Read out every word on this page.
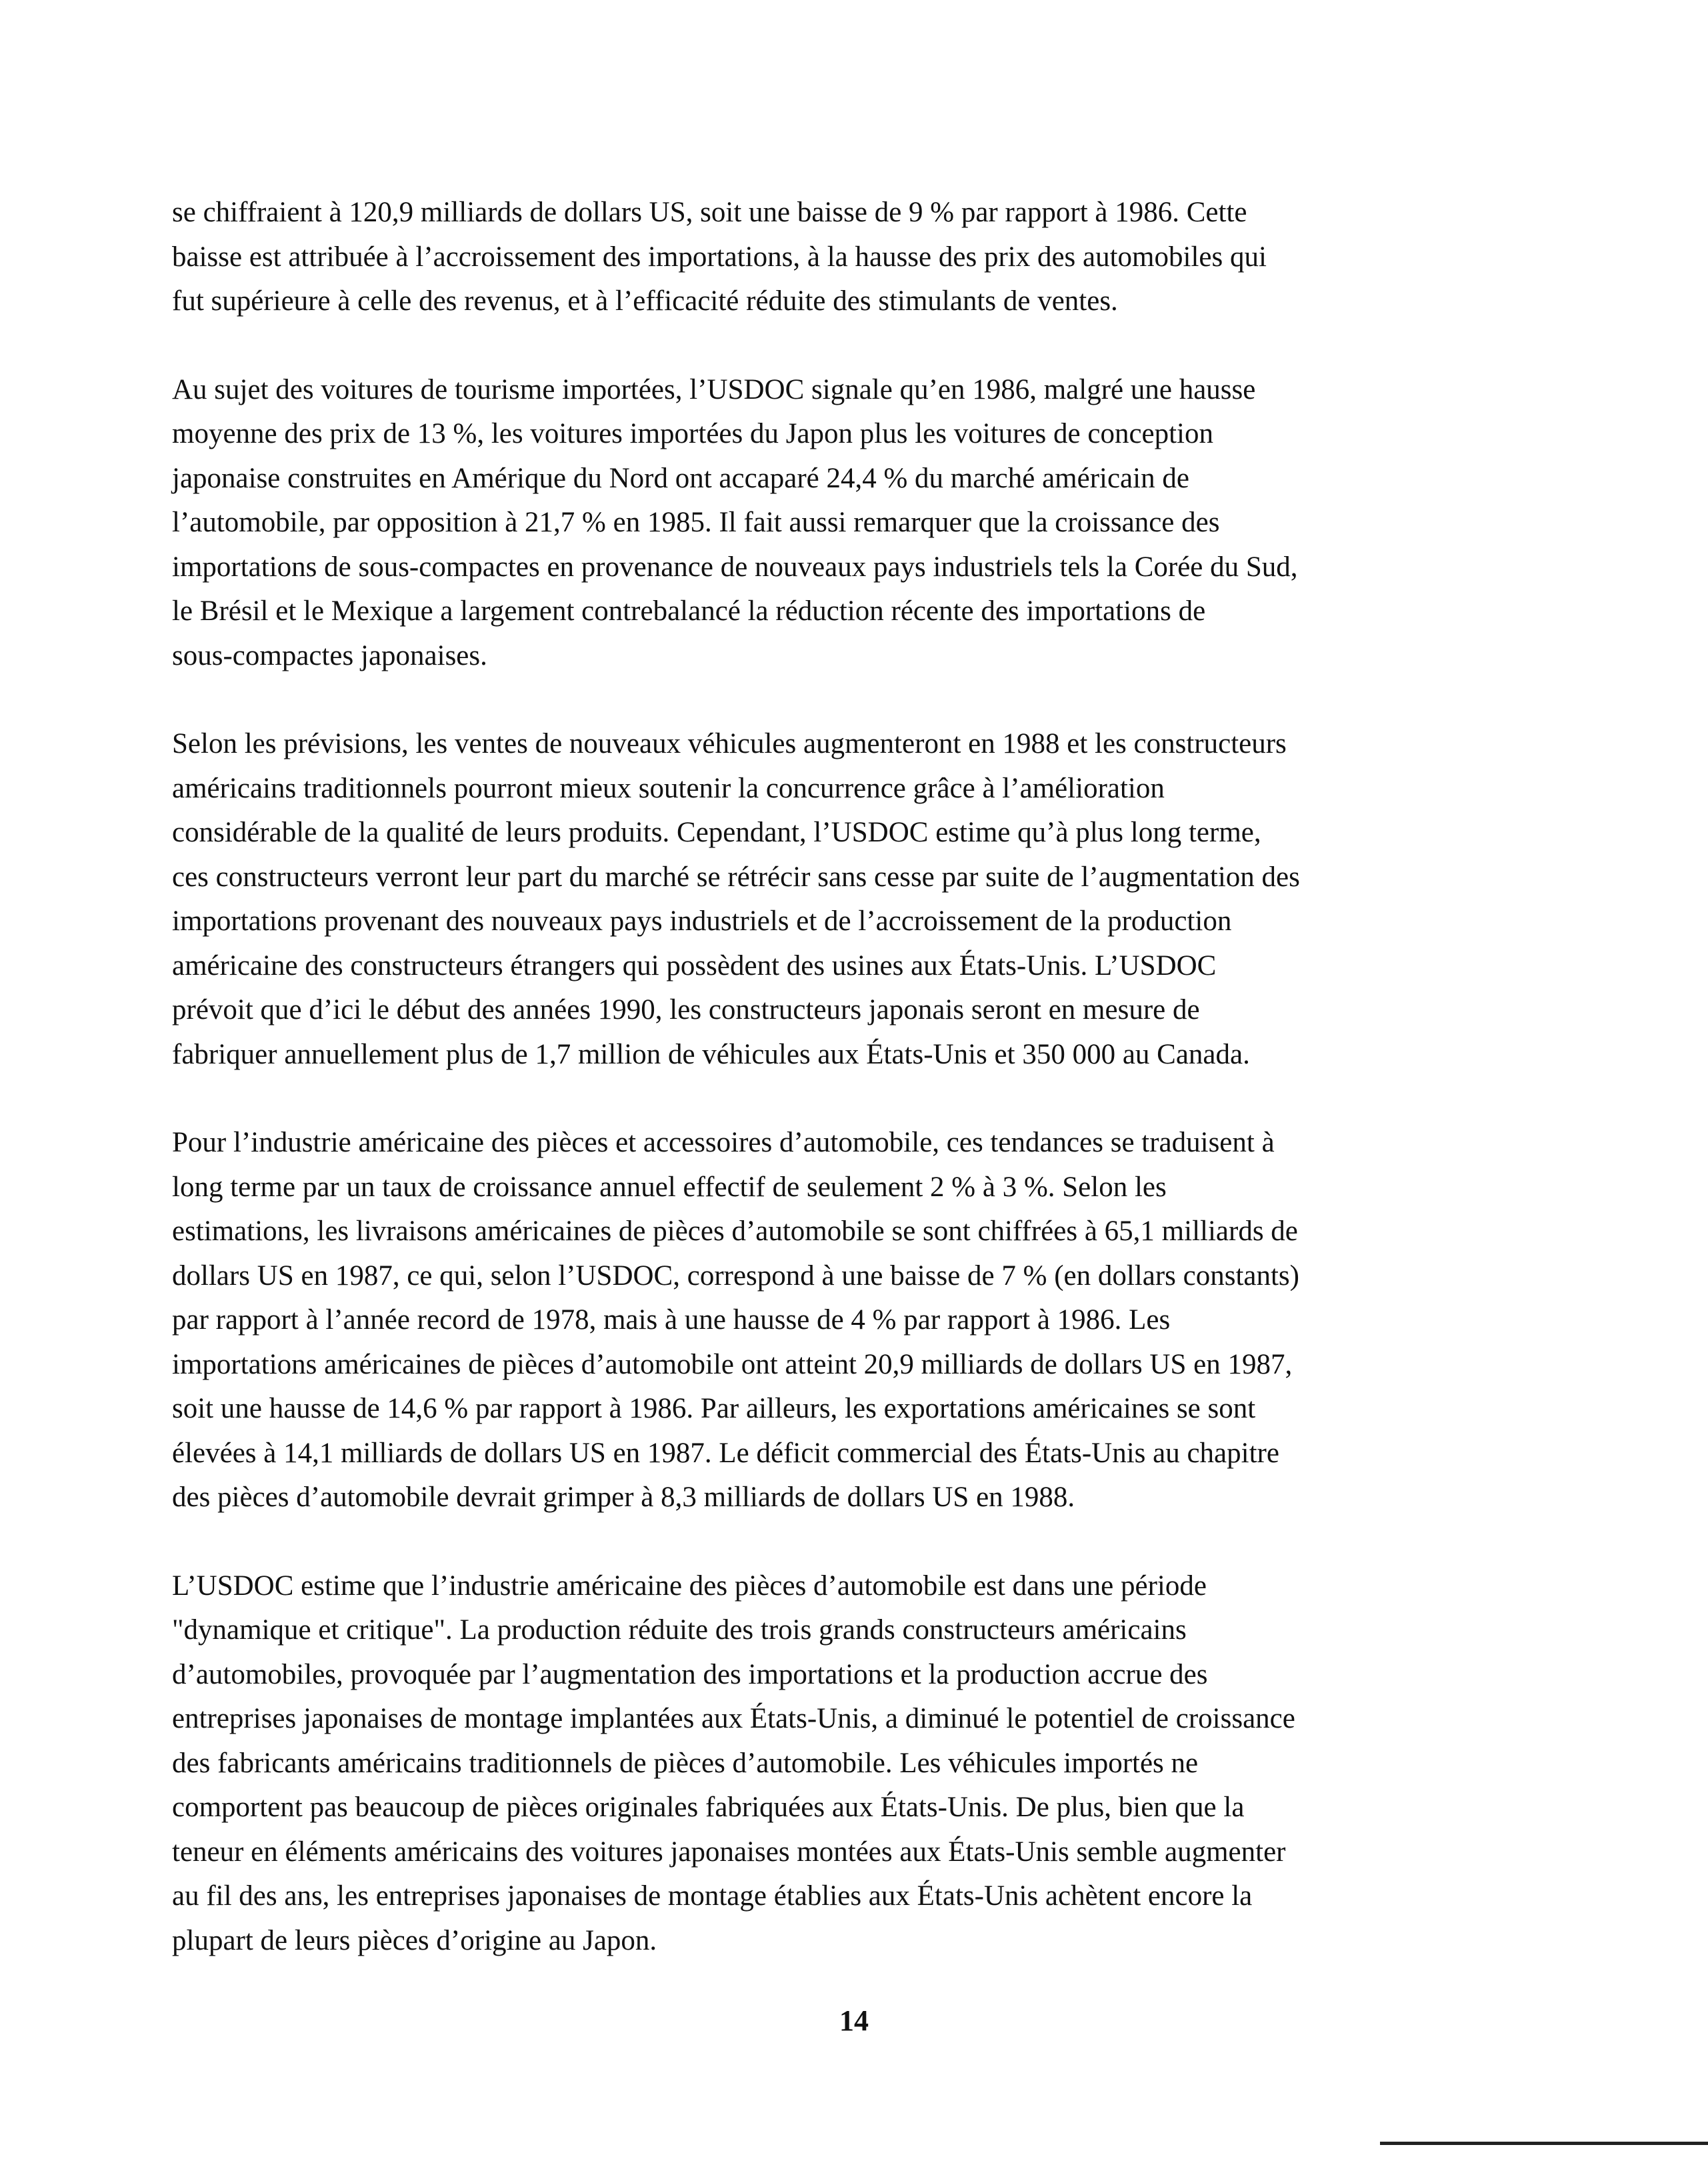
se chiffraient à 120,9 milliards de dollars US, soit une baisse de 9 % par rapport à 1986. Cette
baisse est attribuée à l’accroissement des importations, à la hausse des prix des automobiles qui
fut supérieure à celle des revenus, et à l’efficacité réduite des stimulants de ventes.

Au sujet des voitures de tourisme importées, l’USDOC signale qu’en 1986, malgré une hausse
moyenne des prix de 13 %, les voitures importées du Japon plus les voitures de conception
japonaise construites en Amérique du Nord ont accaparé 24,4 % du marché américain de
l’automobile, par opposition à 21,7 % en 1985. Il fait aussi remarquer que la croissance des
importations de sous-compactes en provenance de nouveaux pays industriels tels la Corée du Sud,
le Brésil et le Mexique a largement contrebalancé la réduction récente des importations de
sous-compactes japonaises.

Selon les prévisions, les ventes de nouveaux véhicules augmenteront en 1988 et les constructeurs
américains traditionnels pourront mieux soutenir la concurrence grâce à l’amélioration
considérable de la qualité de leurs produits. Cependant, l’USDOC estime qu’à plus long terme,
ces constructeurs verront leur part du marché se rétrécir sans cesse par suite de l’augmentation des
importations provenant des nouveaux pays industriels et de l’accroissement de la production
américaine des constructeurs étrangers qui possèdent des usines aux États-Unis. L’USDOC
prévoit que d’ici le début des années 1990, les constructeurs japonais seront en mesure de
fabriquer annuellement plus de 1,7 million de véhicules aux États-Unis et 350 000 au Canada.

Pour l’industrie américaine des pièces et accessoires d’automobile, ces tendances se traduisent à
long terme par un taux de croissance annuel effectif de seulement 2 % à 3 %. Selon les
estimations, les livraisons américaines de pièces d’automobile se sont chiffrées à 65,1 milliards de
dollars US en 1987, ce qui, selon l’USDOC, correspond à une baisse de 7 % (en dollars constants)
par rapport à l’année record de 1978, mais à une hausse de 4 % par rapport à 1986. Les
importations américaines de pièces d’automobile ont atteint 20,9 milliards de dollars US en 1987,
soit une hausse de 14,6 % par rapport à 1986. Par ailleurs, les exportations américaines se sont
élevées à 14,1 milliards de dollars US en 1987. Le déficit commercial des États-Unis au chapitre
des pièces d’automobile devrait grimper à 8,3 milliards de dollars US en 1988.

L’USDOC estime que l’industrie américaine des pièces d’automobile est dans une période
"dynamique et critique". La production réduite des trois grands constructeurs américains
d’automobiles, provoquée par l’augmentation des importations et la production accrue des
entreprises japonaises de montage implantées aux États-Unis, a diminué le potentiel de croissance
des fabricants américains traditionnels de pièces d’automobile. Les véhicules importés ne
comportent pas beaucoup de pièces originales fabriquées aux États-Unis. De plus, bien que la
teneur en éléments américains des voitures japonaises montées aux États-Unis semble augmenter
au fil des ans, les entreprises japonaises de montage établies aux États-Unis achètent encore la
plupart de leurs pièces d’origine au Japon.

14
